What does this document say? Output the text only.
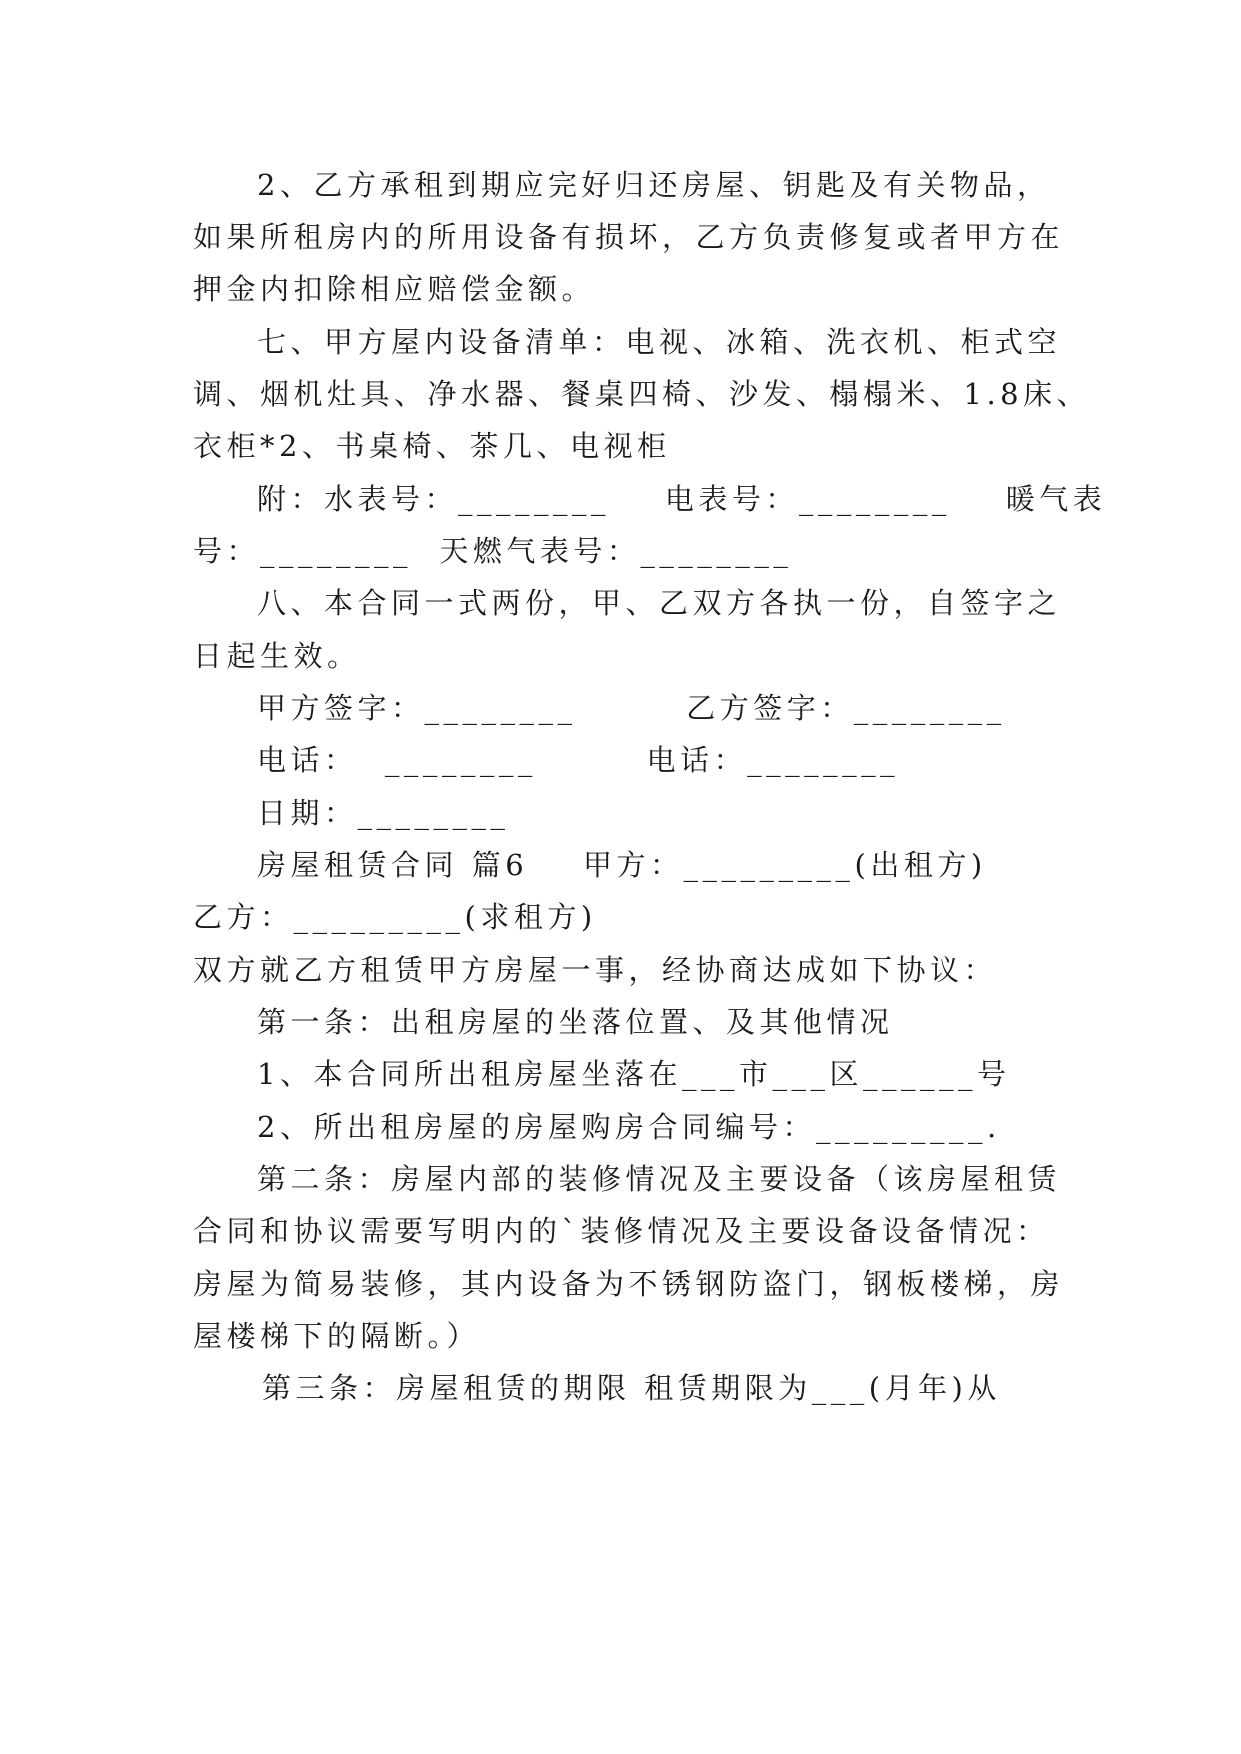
2、乙方承租到期应完好归还房屋、钥匙及有关物品，
如果所租房内的所用设备有损坏，乙方负责修复或者甲方在
押金内扣除相应赔偿金额。
七、甲方屋内设备清单：电视、冰箱、洗衣机、柜式空
调、烟机灶具、净水器、餐桌四椅、沙发、榻榻米、1.8床、
衣柜*2、书桌椅、茶几、电视柜
附：水表号：________    电表号：________    暖气表
号：________  天燃气表号：________
八、本合同一式两份，甲、乙双方各执一份，自签字之
日起生效。
甲方签字：________        乙方签字：________
电话：  ________        电话：________
日期：________
房屋租赁合同 篇6    甲方：_________(出租方)
乙方：_________(求租方)
双方就乙方租赁甲方房屋一事，经协商达成如下协议：
第一条：出租房屋的坐落位置、及其他情况
1、本合同所出租房屋坐落在___市___区______号
2、所出租房屋的房屋购房合同编号：_________.
第二条：房屋内部的装修情况及主要设备（该房屋租赁
合同和协议需要写明内的`装修情况及主要设备设备情况：
房屋为简易装修，其内设备为不锈钢防盗门，钢板楼梯，房
屋楼梯下的隔断。）
第三条：房屋租赁的期限 租赁期限为___(月年)从
